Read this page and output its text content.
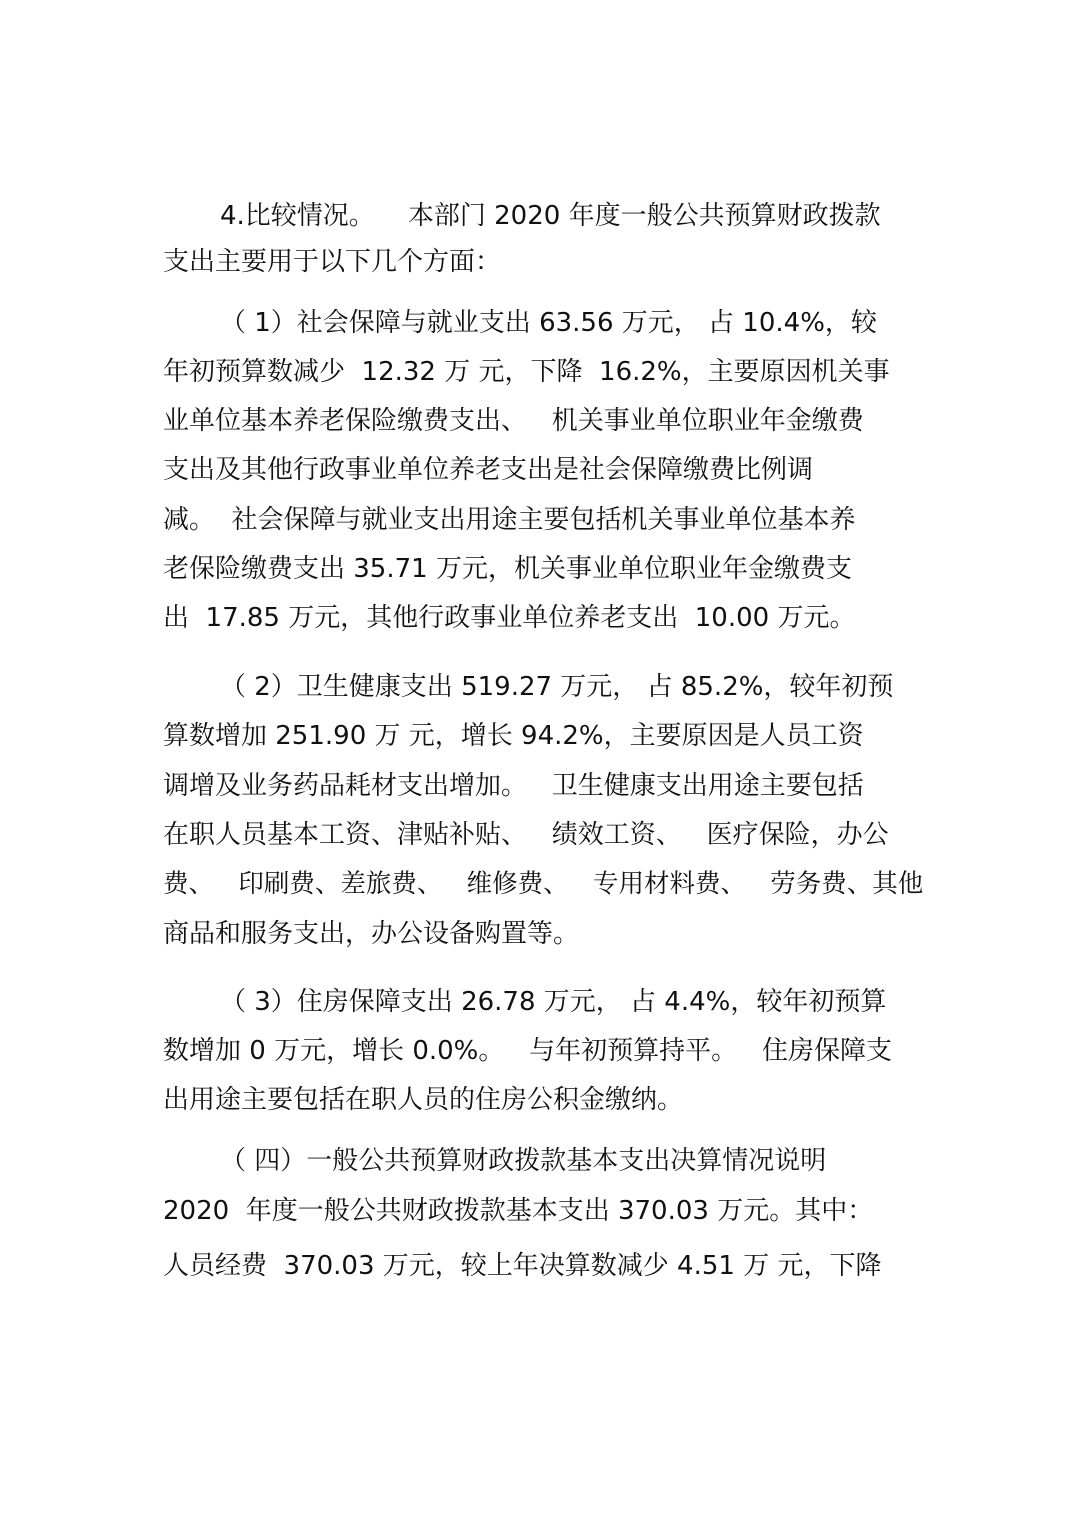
4.比较情况。    本部门 2020 年度一般公共预算财政拨款
支出主要用于以下几个方面：
（ 1）社会保障与就业支出 63.56 万元， 占 10.4%，较
年初预算数减少  12.32 万 元，下降  16.2%，主要原因机关事
业单位基本养老保险缴费支出、   机关事业单位职业年金缴费
支出及其他行政事业单位养老支出是社会保障缴费比例调
减。  社会保障与就业支出用途主要包括机关事业单位基本养
老保险缴费支出 35.71 万元，机关事业单位职业年金缴费支
出  17.85 万元，其他行政事业单位养老支出  10.00 万元。
（ 2）卫生健康支出 519.27 万元， 占 85.2%，较年初预
算数增加 251.90 万 元，增长 94.2%，主要原因是人员工资
调增及业务药品耗材支出增加。   卫生健康支出用途主要包括
在职人员基本工资、津贴补贴、   绩效工资、   医疗保险，办公
费、   印刷费、差旅费、   维修费、   专用材料费、   劳务费、其他
商品和服务支出，办公设备购置等。
（ 3）住房保障支出 26.78 万元， 占 4.4%，较年初预算
数增加 0 万元，增长 0.0%。   与年初预算持平。   住房保障支
出用途主要包括在职人员的住房公积金缴纳。
（ 四）一般公共预算财政拨款基本支出决算情况说明
2020  年度一般公共财政拨款基本支出 370.03 万元。其中：
人员经费  370.03 万元，较上年决算数减少 4.51 万 元，下降
